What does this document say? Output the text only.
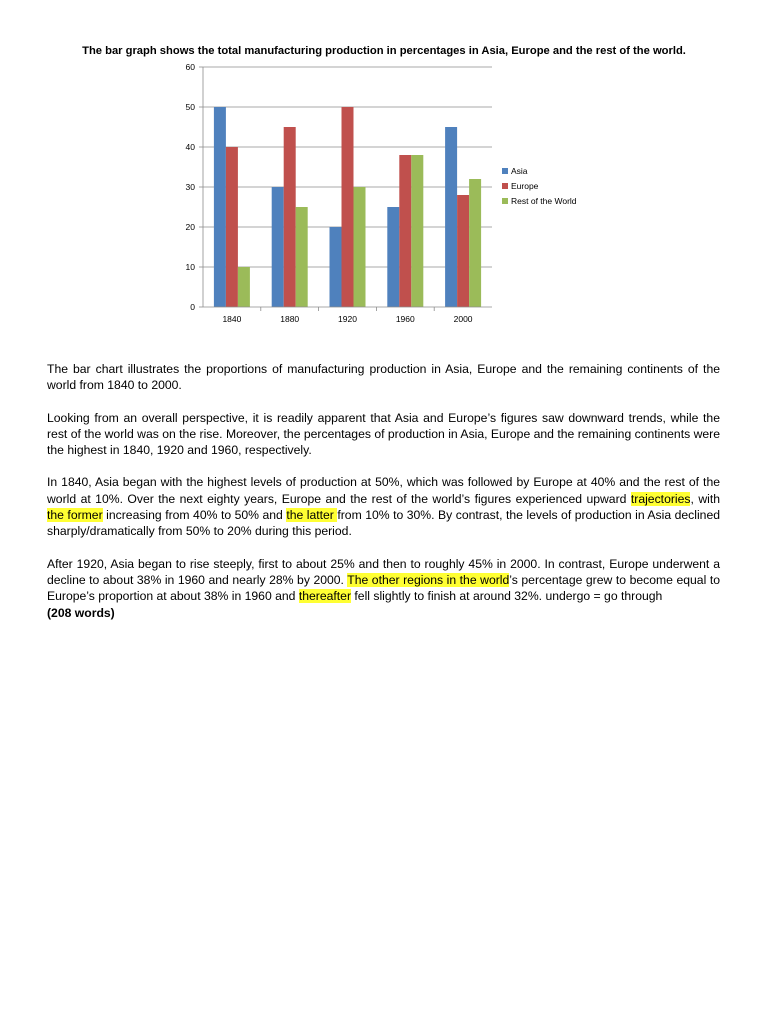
The bar graph shows the total manufacturing production in percentages in Asia, Europe and the rest of the world.
0
10
20
30
40
50
60
1840	1880	1920	1960	2000
Asia
Europe
Rest of the World

The bar chart illustrates the proportions of manufacturing production in Asia, Europe and the remaining continents of the world from 1840 to 2000.

Looking from an overall perspective, it is readily apparent that Asia and Europe’s figures saw downward trends, while the rest of the world was on the rise. Moreover, the percentages of production in Asia, Europe and the remaining continents were the highest in 1840, 1920 and 1960, respectively.

In 1840, Asia began with the highest levels of production at 50%, which was followed by Europe at 40% and the rest of the world at 10%. Over the next eighty years, Europe and the rest of the world’s figures experienced upward trajectories, with the former increasing from 40% to 50% and the latter from 10% to 30%. By contrast, the levels of production in Asia declined sharply/dramatically from 50% to 20% during this period.

After 1920, Asia began to rise steeply, first to about 25% and then to roughly 45% in 2000. In contrast, Europe underwent a decline to about 38% in 1960 and nearly 28% by 2000. The other regions in the world’s percentage grew to become equal to Europe’s proportion at about 38% in 1960 and thereafter fell slightly to finish at around 32%. undergo = go through

(208 words)
